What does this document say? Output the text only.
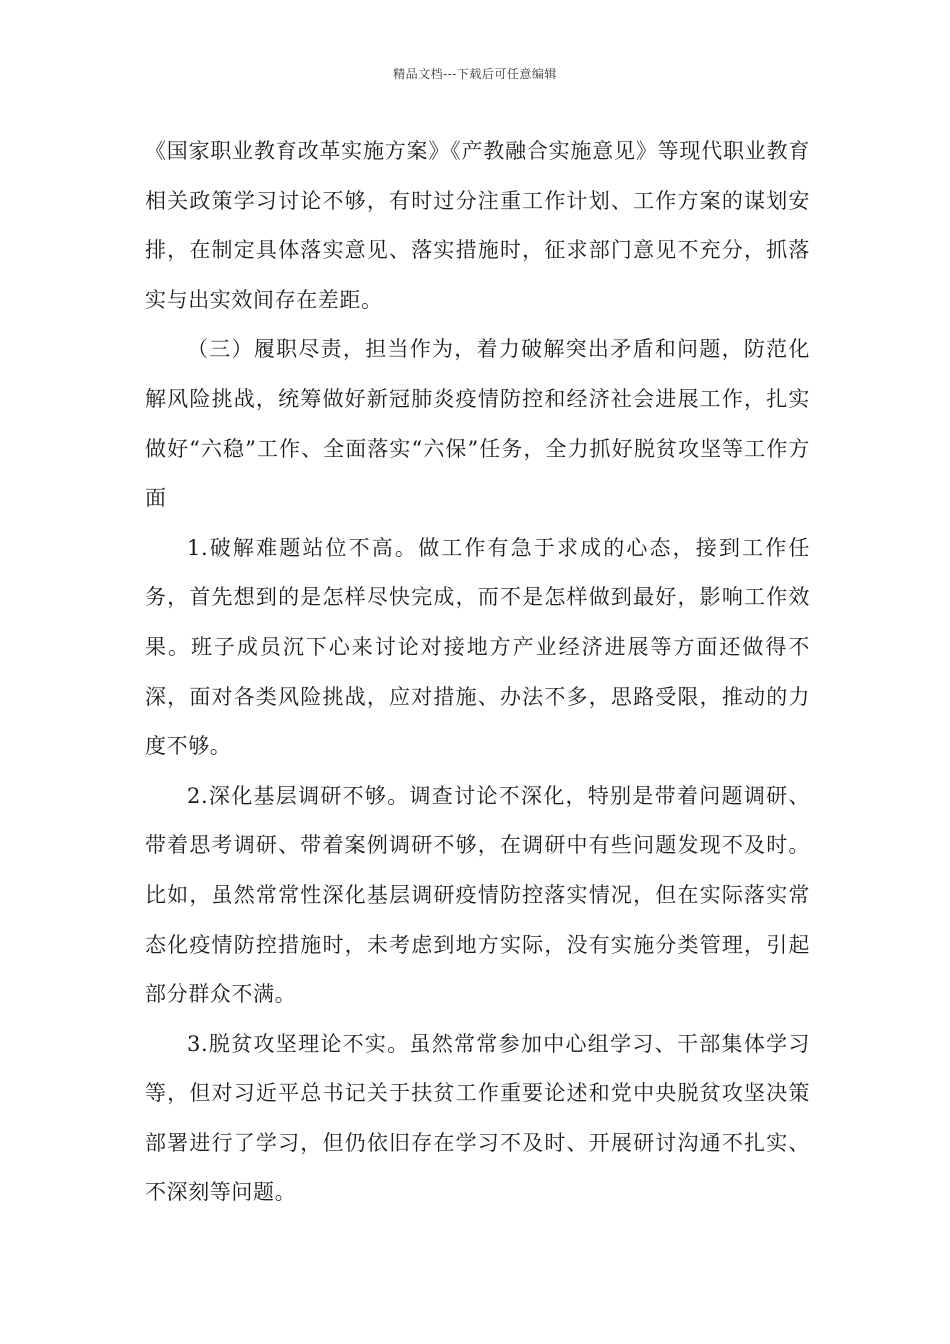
精品文档---下载后可任意编辑

《国家职业教育改革实施方案》《产教融合实施意见》等现代职业教育相关政策学习讨论不够，有时过分注重工作计划、工作方案的谋划安排，在制定具体落实意见、落实措施时，征求部门意见不充分，抓落实与出实效间存在差距。

（三）履职尽责，担当作为，着力破解突出矛盾和问题，防范化解风险挑战，统筹做好新冠肺炎疫情防控和经济社会进展工作，扎实做好“六稳”工作、全面落实“六保”任务，全力抓好脱贫攻坚等工作方面

1.破解难题站位不高。做工作有急于求成的心态，接到工作任务，首先想到的是怎样尽快完成，而不是怎样做到最好，影响工作效果。班子成员沉下心来讨论对接地方产业经济进展等方面还做得不深，面对各类风险挑战，应对措施、办法不多，思路受限，推动的力度不够。

2.深化基层调研不够。调查讨论不深化，特别是带着问题调研、带着思考调研、带着案例调研不够，在调研中有些问题发现不及时。比如，虽然常常性深化基层调研疫情防控落实情况，但在实际落实常态化疫情防控措施时，未考虑到地方实际，没有实施分类管理，引起部分群众不满。

3.脱贫攻坚理论不实。虽然常常参加中心组学习、干部集体学习等，但对习近平总书记关于扶贫工作重要论述和党中央脱贫攻坚决策部署进行了学习，但仍依旧存在学习不及时、开展研讨沟通不扎实、不深刻等问题。
